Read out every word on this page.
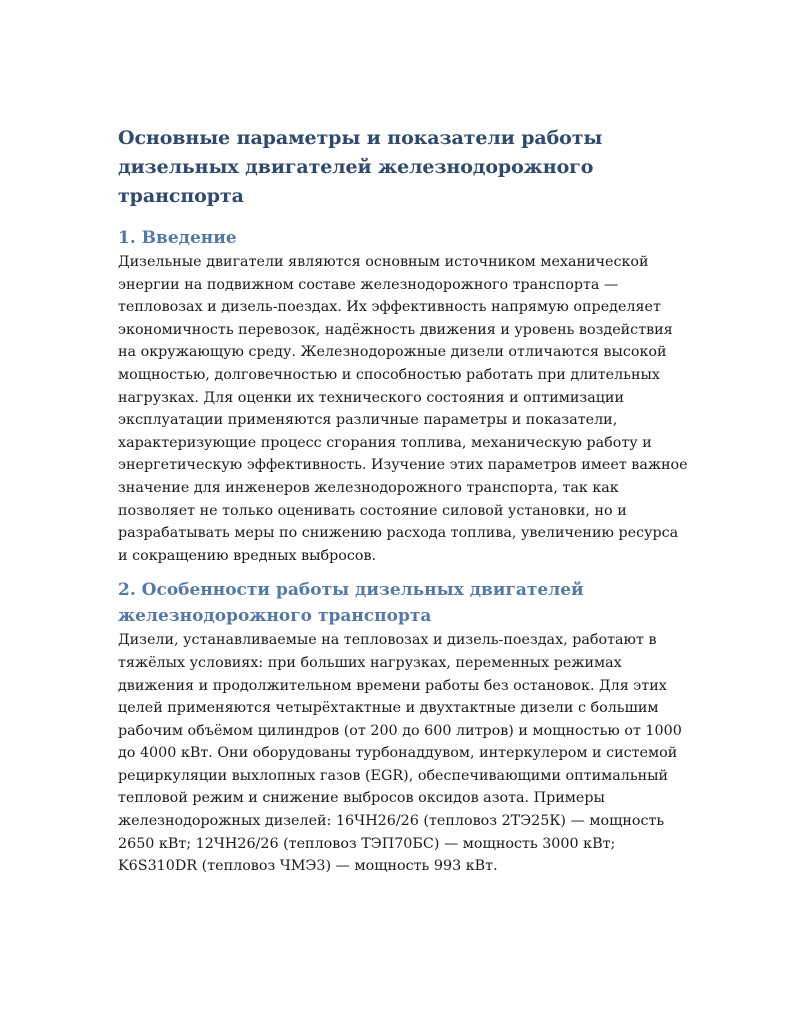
Основные параметры и показатели работы дизельных двигателей железнодорожного транспорта
1. Введение

Дизельные двигатели являются основным источником механической энергии на подвижном составе железнодорожного транспорта — тепловозах и дизель-поездах. Их эффективность напрямую определяет экономичность перевозок, надёжность движения и уровень воздействия на окружающую среду. Железнодорожные дизели отличаются высокой мощностью, долговечностью и способностью работать при длительных нагрузках. Для оценки их технического состояния и оптимизации эксплуатации применяются различные параметры и показатели, характеризующие процесс сгорания топлива, механическую работу и энергетическую эффективность. Изучение этих параметров имеет важное значение для инженеров железнодорожного транспорта, так как позволяет не только оценивать состояние силовой установки, но и разрабатывать меры по снижению расхода топлива, увеличению ресурса и сокращению вредных выбросов.

2. Особенности работы дизельных двигателей железнодорожного транспорта

Дизели, устанавливаемые на тепловозах и дизель-поездах, работают в тяжёлых условиях: при больших нагрузках, переменных режимах движения и продолжительном времени работы без остановок. Для этих целей применяются четырёхтактные и двухтактные дизели с большим рабочим объёмом цилиндров (от 200 до 600 литров) и мощностью от 1000 до 4000 кВт. Они оборудованы турбонаддувом, интеркулером и системой рециркуляции выхлопных газов (EGR), обеспечивающими оптимальный тепловой режим и снижение выбросов оксидов азота. Примеры железнодорожных дизелей: 16ЧН26/26 (тепловоз 2ТЭ25К) — мощность 2650 кВт; 12ЧН26/26 (тепловоз ТЭП70БС) — мощность 3000 кВт; K6S310DR (тепловоз ЧМЭ3) — мощность 993 кВт.
